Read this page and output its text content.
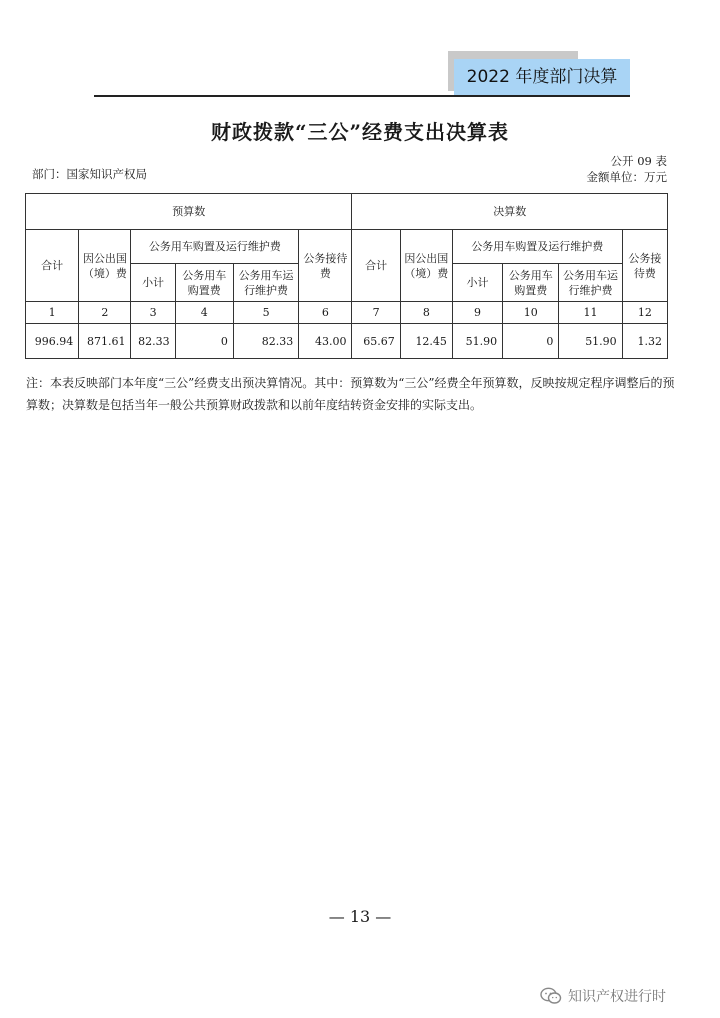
2022 年度部门决算
财政拨款“三公”经费支出决算表
部门：国家知识产权局
公开 09 表
金额单位：万元
预算数						决算数					
合计	因公出国（境）费	公务用车购置及运行维护费			公务接待费	合计	因公出国（境）费	公务用车购置及运行维护费			公务接待费
		小计	公务用车购置费	公务用车运行维护费				小计	公务用车购置费	公务用车运行维护费	
1	2	3	4	5	6	7	8	9	10	11	12
996.94	871.61	82.33	0	82.33	43.00	65.67	12.45	51.90	0	51.90	1.32
注：本表反映部门本年度“三公”经费支出预决算情况。其中：预算数为“三公”经费全年预算数，反映按规定程序调整后的预算数；决算数是包括当年一般公共预算财政拨款和以前年度结转资金安排的实际支出。
— 13 —
知识产权进行时
